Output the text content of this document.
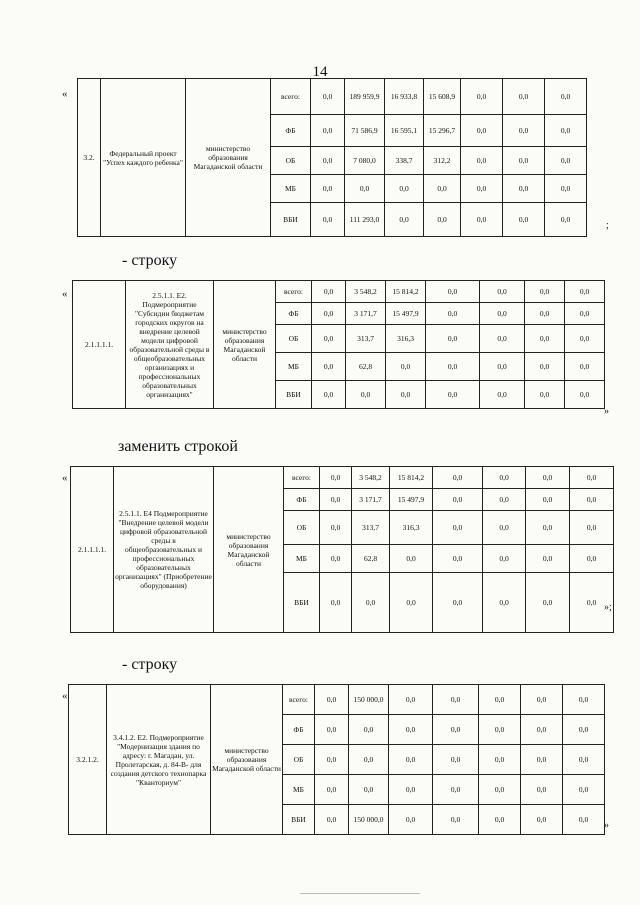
14
«
3.2.	Федеральный проект "Успех каждого ребенка"	министерство образования Магаданской области	всего:	0,0	189 959,9	16 933,8	15 608,9	0,0	0,0	0,0
			ФБ	0,0	71 586,9	16 595,1	15 296,7	0,0	0,0	0,0
			ОБ	0,0	7 080,0	338,7	312,2	0,0	0,0	0,0
			МБ	0,0	0,0	0,0	0,0	0,0	0,0	0,0
			ВБИ	0,0	111 293,0	0,0	0,0	0,0	0,0	0,0
;
- строку
«
2.1.1.1.1.	2.5.1.1. Е2. Подмероприятие "Субсидии бюджетам городских округов на внедрение целевой модели цифровой образовательной среды в общеобразовательных организациях и профессиональных образовательных организациях"	министерство образования Магаданской области	всего:	0,0	3 548,2	15 814,2	0,0	0,0	0,0	0,0
			ФБ	0,0	3 171,7	15 497,9	0,0	0,0	0,0	0,0
			ОБ	0,0	313,7	316,3	0,0	0,0	0,0	0,0
			МБ	0,0	62,8	0,0	0,0	0,0	0,0	0,0
			ВБИ	0,0	0,0	0,0	0,0	0,0	0,0	0,0
»
заменить строкой
«
2.1.1.1.1.	2.5.1.1. Е4 Подмероприятие "Внедрение целевой модели цифровой образовательной среды в общеобразовательных и профессиональных образовательных организациях" (Приобретение оборудования)	министерство образования Магаданской области	всего:	0,0	3 548,2	15 814,2	0,0	0,0	0,0	0,0
			ФБ	0,0	3 171,7	15 497,9	0,0	0,0	0,0	0,0
			ОБ	0,0	313,7	316,3	0,0	0,0	0,0	0,0
			МБ	0,0	62,8	0,0	0,0	0,0	0,0	0,0
			ВБИ	0,0	0,0	0,0	0,0	0,0	0,0	0,0 »;
- строку
«
3.2.1.2.	3.4.1.2. Е2. Подмероприятие "Модернизация здания по адресу: г. Магадан, ул. Пролетарская, д. 84-В- для создания детского технопарка "Кванториум"	министерство образования Магаданской области	всего:	0,0	150 000,0	0,0	0,0	0,0	0,0	0,0
			ФБ	0,0	0,0	0,0	0,0	0,0	0,0	0,0
			ОБ	0,0	0,0	0,0	0,0	0,0	0,0	0,0
			МБ	0,0	0,0	0,0	0,0	0,0	0,0	0,0
			ВБИ	0,0	150 000,0	0,0	0,0	0,0	0,0	0,0
»
